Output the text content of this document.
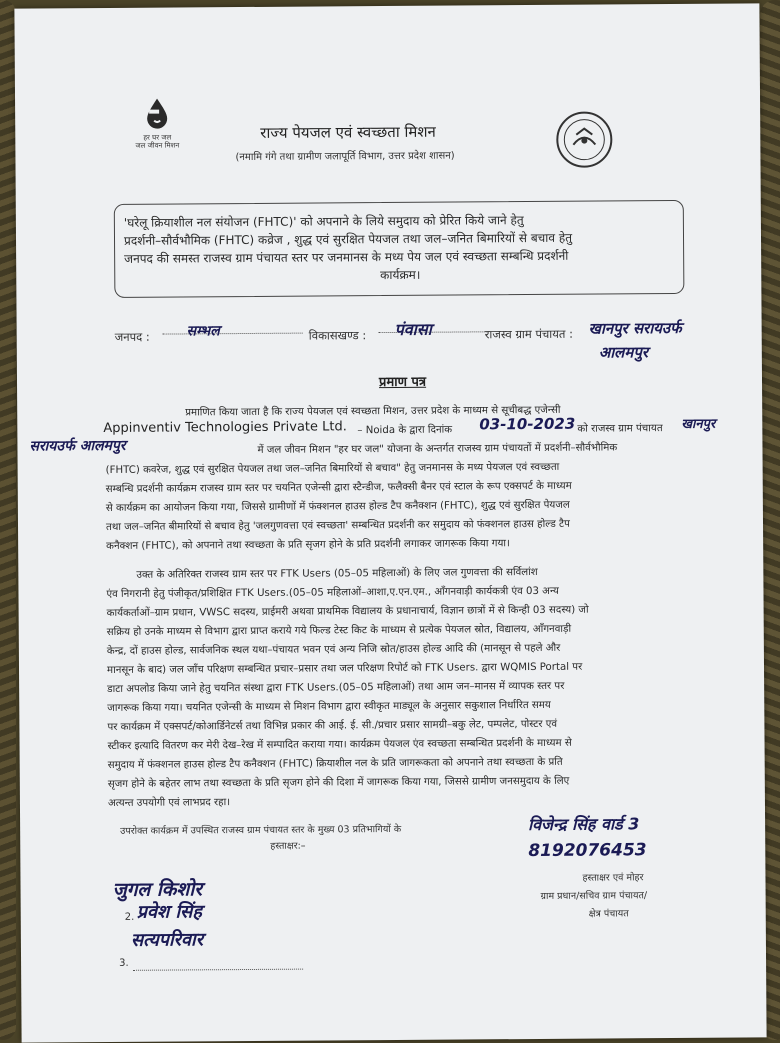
हर घर जल
जल जीवन मिशन
राज्य पेयजल एवं स्वच्छता मिशन
(नमामि गंगे तथा ग्रामीण जलापूर्ति विभाग, उत्तर प्रदेश शासन)
'घरेलू क्रियाशील नल संयोजन (FHTC)' को अपनाने के लिये समुदाय को प्रेरित किये जाने हेतु
प्रदर्शनी–सौर्वभौमिक (FHTC) कव्रेज , शुद्ध एवं सुरक्षित पेयजल तथा जल–जनित बिमारियों से बचाव हेतु
जनपद की समस्त राजस्व ग्राम पंचायत स्तर पर जनमानस के मध्य पेय जल एवं स्वच्छता सम्बन्धि प्रदर्शनी
कार्यक्रम।
जनपद :	सम्भल	विकासखण्ड : पंवासा	राजस्व ग्राम पंचायत : खानपुर सरायउर्फ
आलमपुर
प्रमाण पत्र
प्रमाणित किया जाता है कि राज्य पेयजल एवं स्वच्छता मिशन, उत्तर प्रदेश के माध्यम से सूचीबद्ध एजेन्सी
Appinventiv Technologies Private Ltd. – Noida के द्वारा दिनांक 03-10-2023 को राजस्व ग्राम पंचायत खानपुर
सरायउर्फ आलमपुर	में जल जीवन मिशन "हर घर जल" योजना के अन्तर्गत राजस्व ग्राम पंचायतों में प्रदर्शनी–सौर्वभौमिक
(FHTC) कवरेज, शुद्ध एवं सुरक्षित पेयजल तथा जल–जनित बिमारियों से बचाव" हेतु जनमानस के मध्य पेयजल एवं स्वच्छता
सम्बन्धि प्रदर्शनी कार्यक्रम राजस्व ग्राम स्तर पर चयनित एजेन्सी द्वारा स्टैन्डीज, फलैक्सी बैनर एवं स्टाल के रूप एक्सपर्ट के माध्यम
से कार्यक्रम का आयोजन किया गया, जिससे ग्रामीणों में फंक्शनल हाउस होल्ड टैप कनैक्शन (FHTC), शुद्ध एवं सुरक्षित पेयजल
तथा जल–जनित बीमारियों से बचाव हेतु 'जलगुणवत्ता एवं स्वच्छता' सम्बन्धित प्रदर्शनी कर समुदाय को फंक्शनल हाउस होल्ड टैप
कनैक्शन (FHTC), को अपनाने तथा स्वच्छता के प्रति सृजग होने के प्रति प्रदर्शनी लगाकर जागरूक किया गया।
उक्त के अतिरिक्त राजस्व ग्राम स्तर पर FTK Users (05–05 महिलाओं) के लिए जल गुणवत्ता की सर्विलांश
एंव निगरानी हेतु पंजीकृत/प्रशिक्षित FTK Users.(05–05 महिलाओं–आशा,ए.एन.एम., आँगनवाड़ी कार्यकत्री एंव 03 अन्य
कार्यकर्ताओं–ग्राम प्रधान, VWSC सदस्य, प्राईमरी अथवा प्राथमिक विद्यालय के प्रधानाचार्य, विज्ञान छात्रों में से किन्ही 03 सदस्य) जो
सक्रिय हो उनके माध्यम से विभाग द्वारा प्राप्त कराये गये फिल्ड टेस्ट किट के माध्यम से प्रत्येक पेयजल स्रोत, विद्यालय, आँगनवाड़ी
केन्द्र, दों हाउस होल्ड, सार्वजनिक स्थल यथा–पंचायत भवन एवं अन्य निजि स्रोत/हाउस होल्ड आदि की (मानसून से पहले और
मानसून के बाद) जल जाँच परिक्षण सम्बन्धित प्रचार–प्रसार तथा जल परिक्षण रिपोर्ट को FTK Users. द्वारा WQMIS Portal पर
डाटा अपलोड किया जाने हेतु चयनित संस्था द्वारा FTK Users.(05–05 महिलाओं) तथा आम जन–मानस में व्यापक स्तर पर
जागरूक किया गया। चयनित एजेन्सी के माध्यम से मिशन विभाग द्वारा स्वीकृत माड्यूल के अनुसार सकुशाल निर्धारित समय
पर कार्यक्रम में एक्सपर्ट/कोआर्डिनेटर्स तथा विभिन्न प्रकार की आई. ई. सी./प्रचार प्रसार सामग्री–बकु लेट, पम्पलेट, पोस्टर एवं
स्टीकर इत्यादि वितरण कर मेरी देख–रेख में सम्पादित कराया गया। कार्यक्रम पेयजल एंव स्वच्छता सम्बन्धित प्रदर्शनी के माध्यम से
समुदाय में फंक्शनल हाउस होल्ड टैप कनैक्शन (FHTC) क्रियाशील नल के प्रति जागरूकता को अपनाने तथा स्वच्छता के प्रति
सृजग होने के बहेतर लाभ तथा स्वच्छता के प्रति सृजग होने की दिशा में जागरूक किया गया, जिससे ग्रामीण जनसमुदाय के लिए
अत्यन्त उपयोगी एवं लाभप्रद रहा।
उपरोक्त कार्यक्रम में उपस्थित राजस्व ग्राम पंचायत स्तर के मुख्य 03 प्रतिभागियों के
हस्ताक्षर:–
जुगल किशोर
2. प्रवेश सिंह
सत्यपरिवार
3.
विजेन्द्र सिंह वार्ड 3
8192076453
हस्ताक्षर एवं मोहर
ग्राम प्रधान/सचिव ग्राम पंचायत/
क्षेत्र पंचायत
